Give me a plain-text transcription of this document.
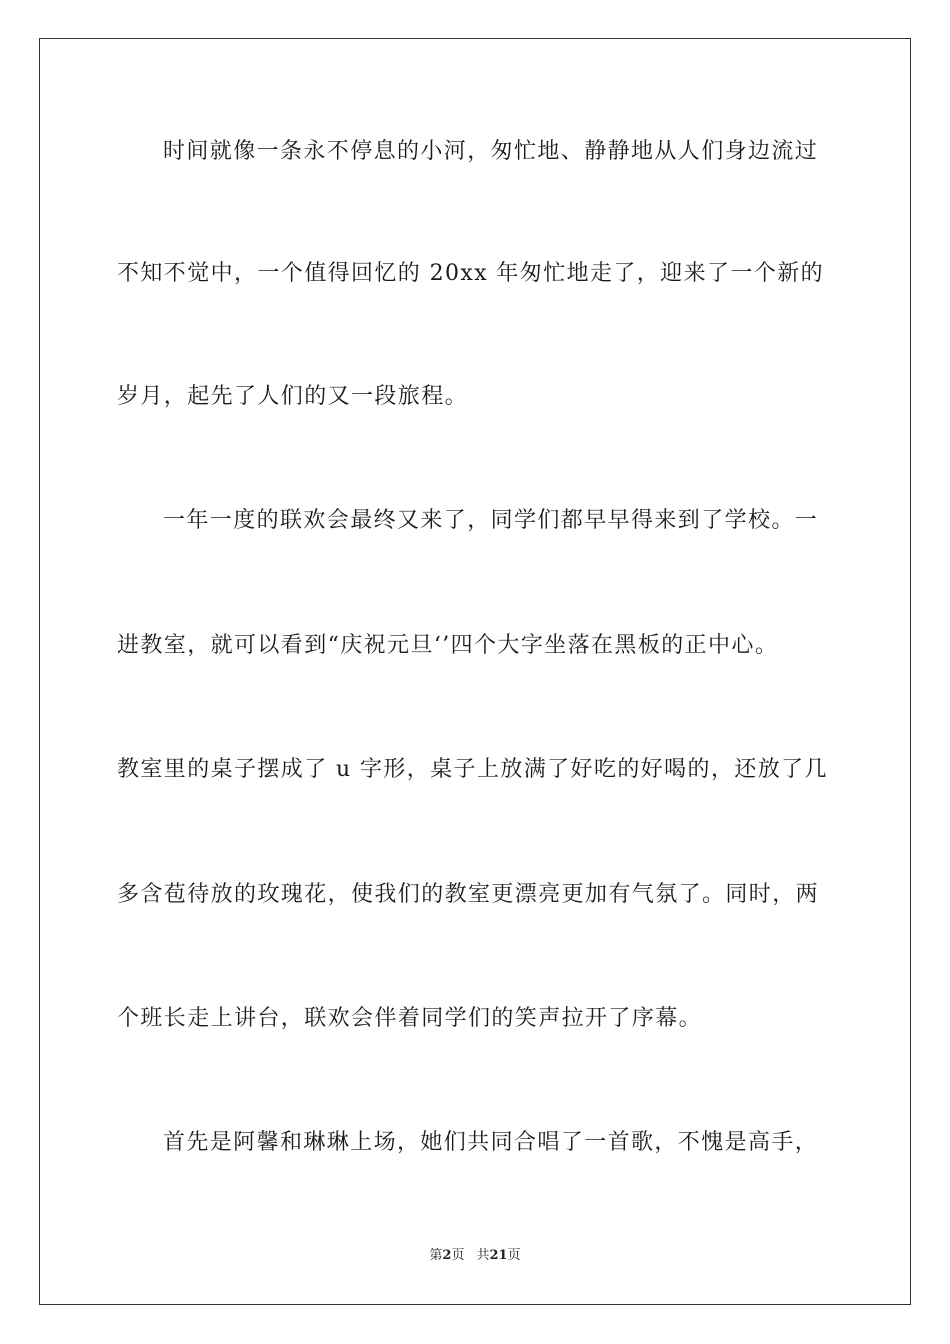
时间就像一条永不停息的小河，匆忙地、静静地从人们身边流过
不知不觉中，一个值得回忆的 20xx 年匆忙地走了，迎来了一个新的
岁月，起先了人们的又一段旅程。
一年一度的联欢会最终又来了，同学们都早早得来到了学校。一
进教室，就可以看到“庆祝元旦‘’四个大字坐落在黑板的正中心。
教室里的桌子摆成了 u 字形，桌子上放满了好吃的好喝的，还放了几
多含苞待放的玫瑰花，使我们的教室更漂亮更加有气氛了。同时，两
个班长走上讲台，联欢会伴着同学们的笑声拉开了序幕。
首先是阿馨和琳琳上场，她们共同合唱了一首歌，不愧是高手，
第2页 共21页
